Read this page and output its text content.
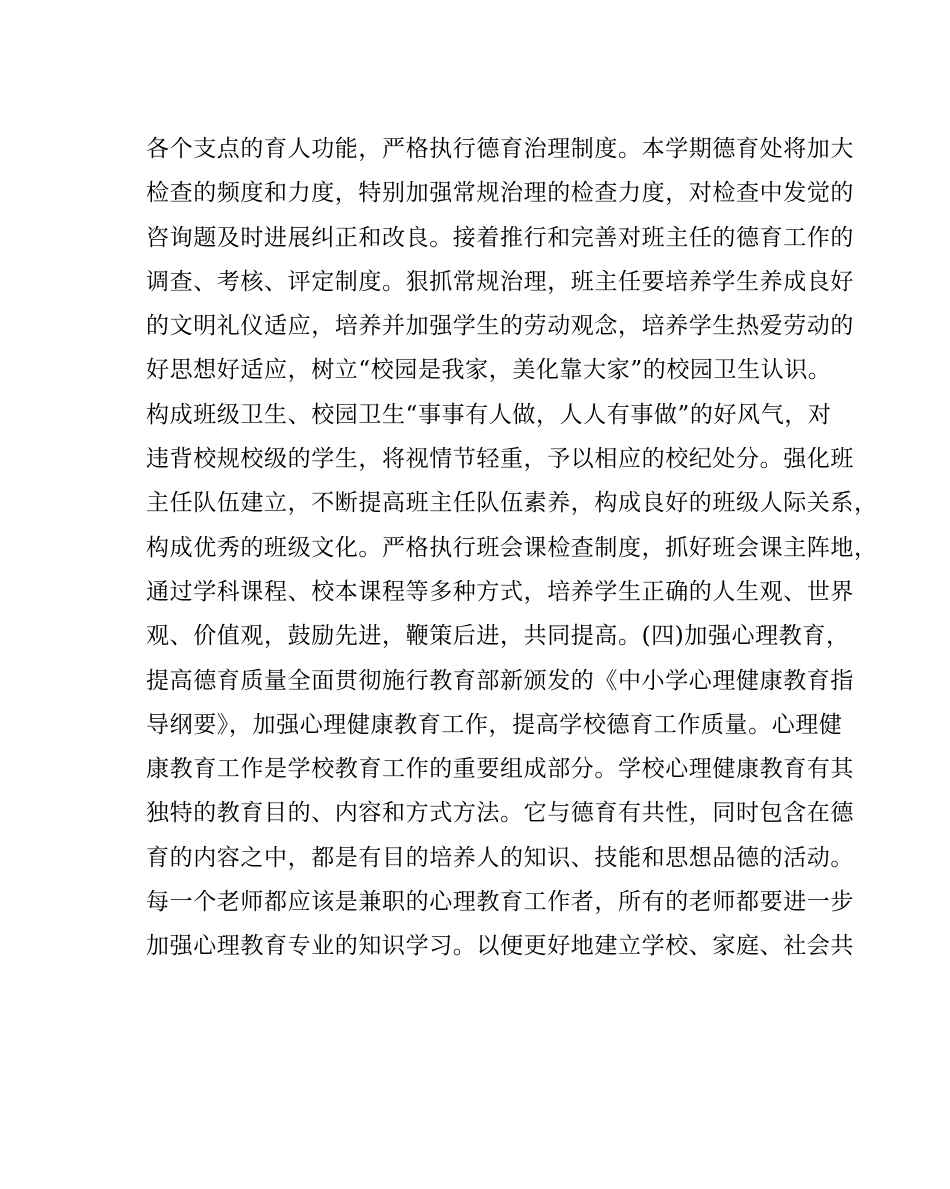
各个支点的育人功能，严格执行德育治理制度。本学期德育处将加大
检查的频度和力度，特别加强常规治理的检查力度，对检查中发觉的
咨询题及时进展纠正和改良。接着推行和完善对班主任的德育工作的
调查、考核、评定制度。狠抓常规治理，班主任要培养学生养成良好
的文明礼仪适应，培养并加强学生的劳动观念，培养学生热爱劳动的
好思想好适应，树立“校园是我家，美化靠大家”的校园卫生认识。
构成班级卫生、校园卫生“事事有人做，人人有事做”的好风气，对
违背校规校级的学生，将视情节轻重，予以相应的校纪处分。强化班
主任队伍建立，不断提高班主任队伍素养，构成良好的班级人际关系，
构成优秀的班级文化。严格执行班会课检查制度，抓好班会课主阵地，
通过学科课程、校本课程等多种方式，培养学生正确的人生观、世界
观、价值观，鼓励先进，鞭策后进，共同提高。(四)加强心理教育，
提高德育质量全面贯彻施行教育部新颁发的《中小学心理健康教育指
导纲要》，加强心理健康教育工作，提高学校德育工作质量。心理健
康教育工作是学校教育工作的重要组成部分。学校心理健康教育有其
独特的教育目的、内容和方式方法。它与德育有共性，同时包含在德
育的内容之中，都是有目的培养人的知识、技能和思想品德的活动。
每一个老师都应该是兼职的心理教育工作者，所有的老师都要进一步
加强心理教育专业的知识学习。以便更好地建立学校、家庭、社会共
